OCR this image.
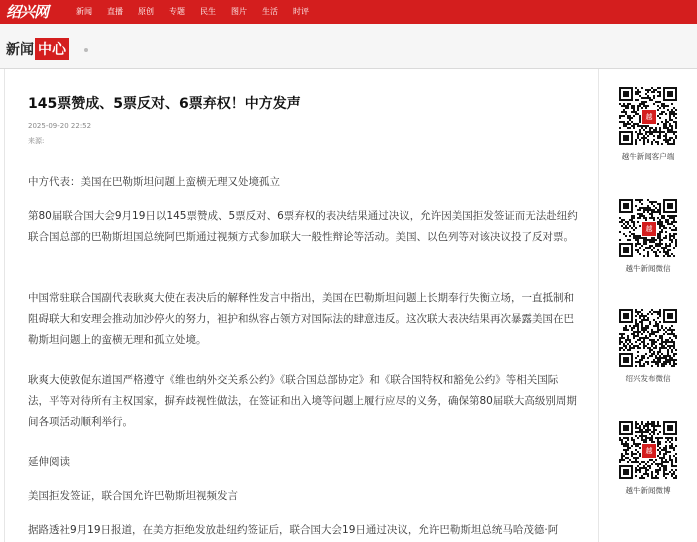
绍兴网	新闻 直播 原创 专题 民生 图片 生活 时评
新闻 中心
145票赞成、5票反对、6票弃权！中方发声
2025-09-20 22:52
来源:
中方代表：美国在巴勒斯坦问题上蛮横无理又处境孤立
第80届联合国大会9月19日以145票赞成、5票反对、6票弃权的表决结果通过决议，允许因美国拒发签证而无法赴纽约联合国总部的巴勒斯坦国总统阿巴斯通过视频方式参加联大一般性辩论等活动。美国、以色列等对该决议投了反对票。
中国常驻联合国副代表耿爽大使在表决后的解释性发言中指出，美国在巴勒斯坦问题上长期奉行失衡立场，一直抵制和阻碍联大和安理会推动加沙停火的努力，袒护和纵容占领方对国际法的肆意违反。这次联大表决结果再次暴露美国在巴勒斯坦问题上的蛮横无理和孤立处境。
耿爽大使敦促东道国严格遵守《维也纳外交关系公约》《联合国总部协定》和《联合国特权和豁免公约》等相关国际法，平等对待所有主权国家，摒弃歧视性做法，在签证和出入境等问题上履行应尽的义务，确保第80届联大高级别周期间各项活动顺利举行。
延伸阅读
美国拒发签证，联合国允许巴勒斯坦视频发言
据路透社9月19日报道，在美方拒绝发放赴纽约签证后，联合国大会19日通过决议，允许巴勒斯坦总统马哈茂德·阿
越
越牛新闻客户端
越
越牛新闻微信
绍兴发布微信
越
越牛新闻微博
